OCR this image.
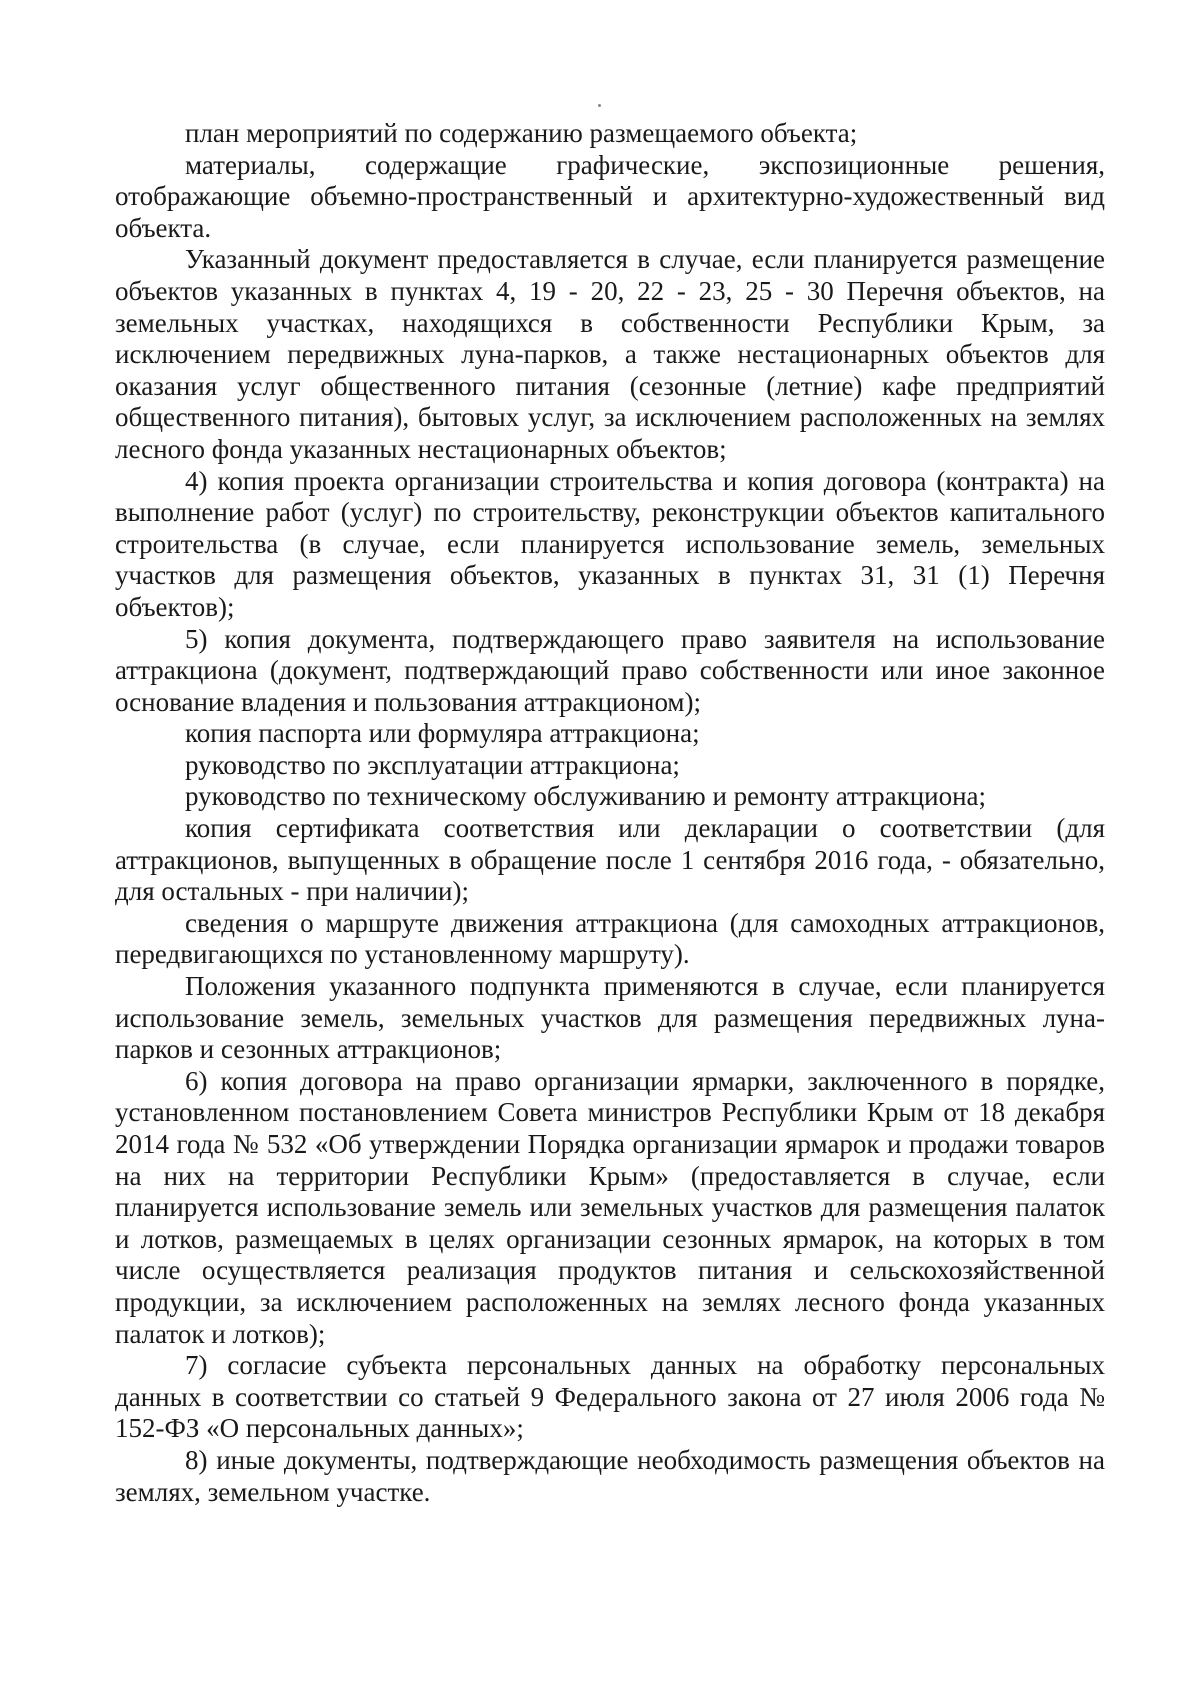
план мероприятий по содержанию размещаемого объекта;

материалы, содержащие графические, экспозиционные решения, отображающие объемно-пространственный и архитектурно-художественный вид объекта.

Указанный документ предоставляется в случае, если планируется размещение объектов указанных в пунктах 4, 19 - 20, 22 - 23, 25 - 30 Перечня объектов, на земельных участках, находящихся в собственности Республики Крым, за исключением передвижных луна-парков, а также нестационарных объектов для оказания услуг общественного питания (сезонные (летние) кафе предприятий общественного питания), бытовых услуг, за исключением расположенных на землях лесного фонда указанных нестационарных объектов;

4) копия проекта организации строительства и копия договора (контракта) на выполнение работ (услуг) по строительству, реконструкции объектов капитального строительства (в случае, если планируется использование земель, земельных участков для размещения объектов, указанных в пунктах 31, 31 (1) Перечня объектов);

5) копия документа, подтверждающего право заявителя на использование аттракциона (документ, подтверждающий право собственности или иное законное основание владения и пользования аттракционом);

копия паспорта или формуляра аттракциона;

руководство по эксплуатации аттракциона;

руководство по техническому обслуживанию и ремонту аттракциона;

копия сертификата соответствия или декларации о соответствии (для аттракционов, выпущенных в обращение после 1 сентября 2016 года, - обязательно, для остальных - при наличии);

сведения о маршруте движения аттракциона (для самоходных аттракционов, передвигающихся по установленному маршруту).

Положения указанного подпункта применяются в случае, если планируется использование земель, земельных участков для размещения передвижных луна-парков и сезонных аттракционов;

6) копия договора на право организации ярмарки, заключенного в порядке, установленном постановлением Совета министров Республики Крым от 18 декабря 2014 года № 532 «Об утверждении Порядка организации ярмарок и продажи товаров на них на территории Республики Крым» (предоставляется в случае, если планируется использование земель или земельных участков для размещения палаток и лотков, размещаемых в целях организации сезонных ярмарок, на которых в том числе осуществляется реализация продуктов питания и сельскохозяйственной продукции, за исключением расположенных на землях лесного фонда указанных палаток и лотков);

7) согласие субъекта персональных данных на обработку персональных данных в соответствии со статьей 9 Федерального закона от 27 июля 2006 года № 152-ФЗ «О персональных данных»;

8) иные документы, подтверждающие необходимость размещения объектов на землях, земельном участке.
